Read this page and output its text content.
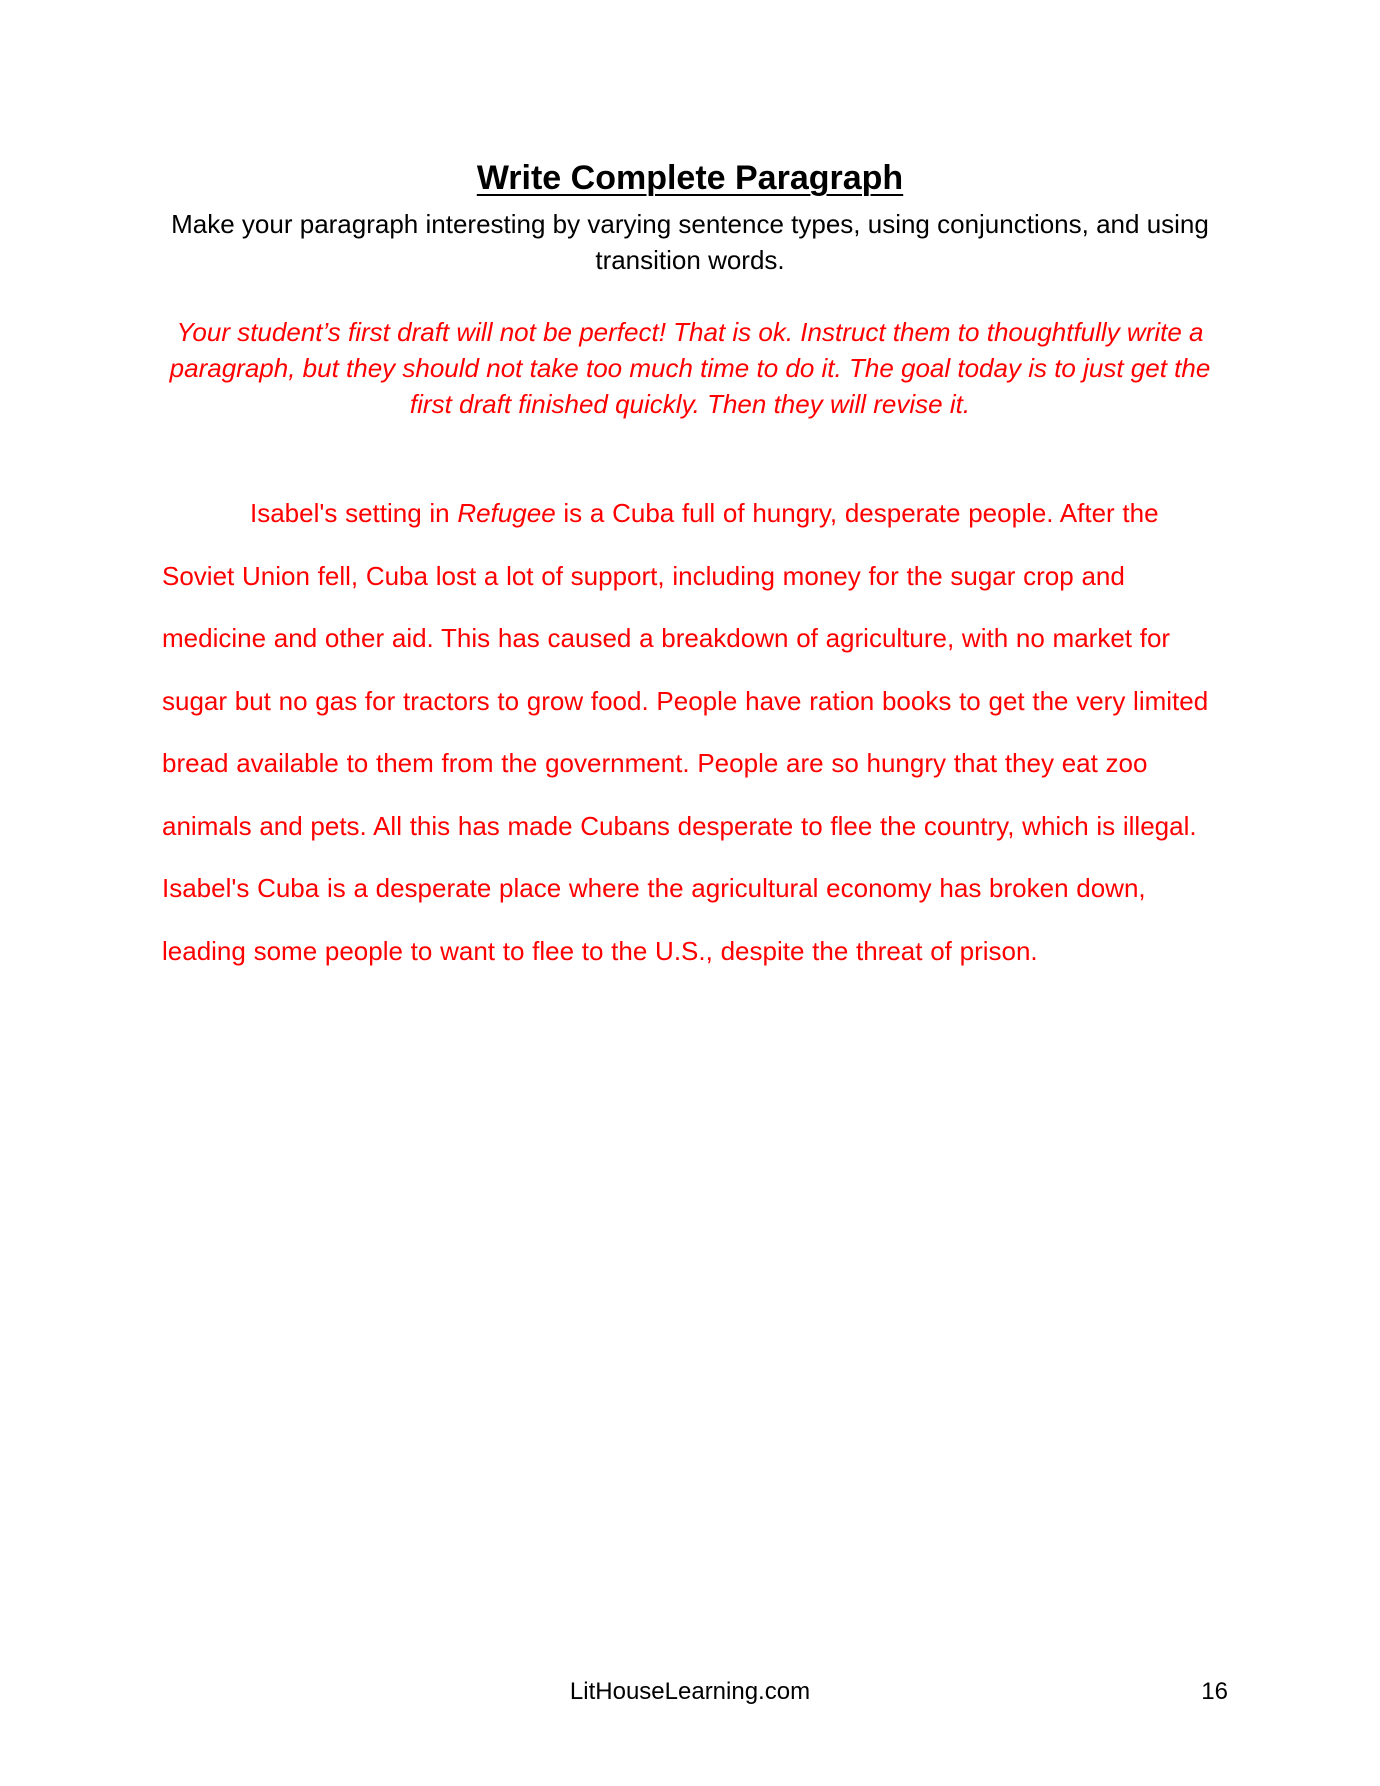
Write Complete Paragraph
Make your paragraph interesting by varying sentence types, using conjunctions, and using transition words.
Your student’s first draft will not be perfect! That is ok. Instruct them to thoughtfully write a paragraph, but they should not take too much time to do it. The goal today is to just get the first draft finished quickly. Then they will revise it.

Isabel's setting in Refugee is a Cuba full of hungry, desperate people. After the Soviet Union fell, Cuba lost a lot of support, including money for the sugar crop and medicine and other aid. This has caused a breakdown of agriculture, with no market for sugar but no gas for tractors to grow food. People have ration books to get the very limited bread available to them from the government. People are so hungry that they eat zoo animals and pets. All this has made Cubans desperate to flee the country, which is illegal. Isabel's Cuba is a desperate place where the agricultural economy has broken down, leading some people to want to flee to the U.S., despite the threat of prison.

LitHouseLearning.com	16
